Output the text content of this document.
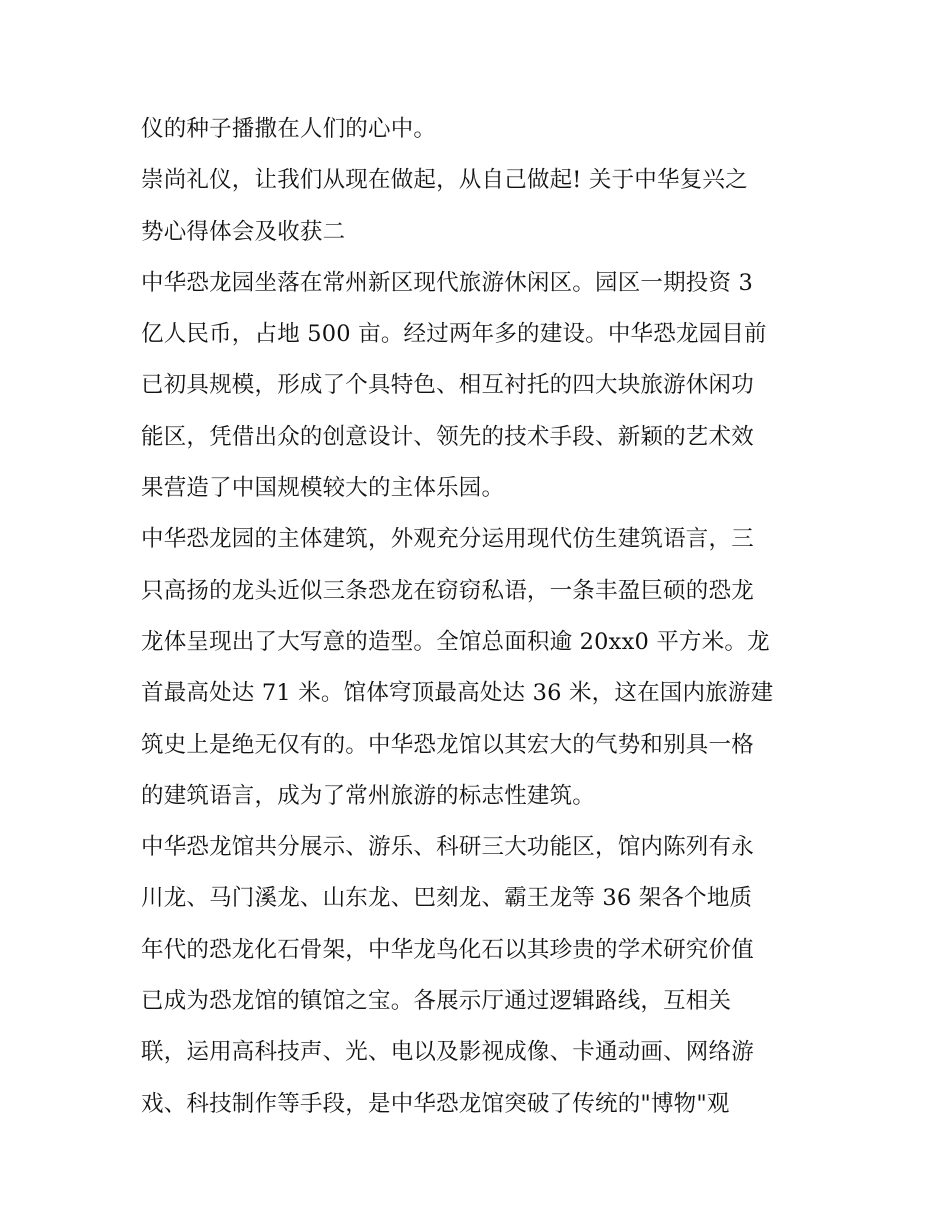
仪的种子播撒在人们的心中。
崇尚礼仪，让我们从现在做起，从自己做起! 关于中华复兴之
势心得体会及收获二
中华恐龙园坐落在常州新区现代旅游休闲区。园区一期投资 3
亿人民币，占地 500 亩。经过两年多的建设。中华恐龙园目前
已初具规模，形成了个具特色、相互衬托的四大块旅游休闲功
能区，凭借出众的创意设计、领先的技术手段、新颖的艺术效
果营造了中国规模较大的主体乐园。
中华恐龙园的主体建筑，外观充分运用现代仿生建筑语言，三
只高扬的龙头近似三条恐龙在窃窃私语，一条丰盈巨硕的恐龙
龙体呈现出了大写意的造型。全馆总面积逾 20xx0 平方米。龙
首最高处达 71 米。馆体穹顶最高处达 36 米，这在国内旅游建
筑史上是绝无仅有的。中华恐龙馆以其宏大的气势和别具一格
的建筑语言，成为了常州旅游的标志性建筑。
中华恐龙馆共分展示、游乐、科研三大功能区，馆内陈列有永
川龙、马门溪龙、山东龙、巴刻龙、霸王龙等 36 架各个地质
年代的恐龙化石骨架，中华龙鸟化石以其珍贵的学术研究价值
已成为恐龙馆的镇馆之宝。各展示厅通过逻辑路线，互相关
联，运用高科技声、光、电以及影视成像、卡通动画、网络游
戏、科技制作等手段，是中华恐龙馆突破了传统的"博物"观
